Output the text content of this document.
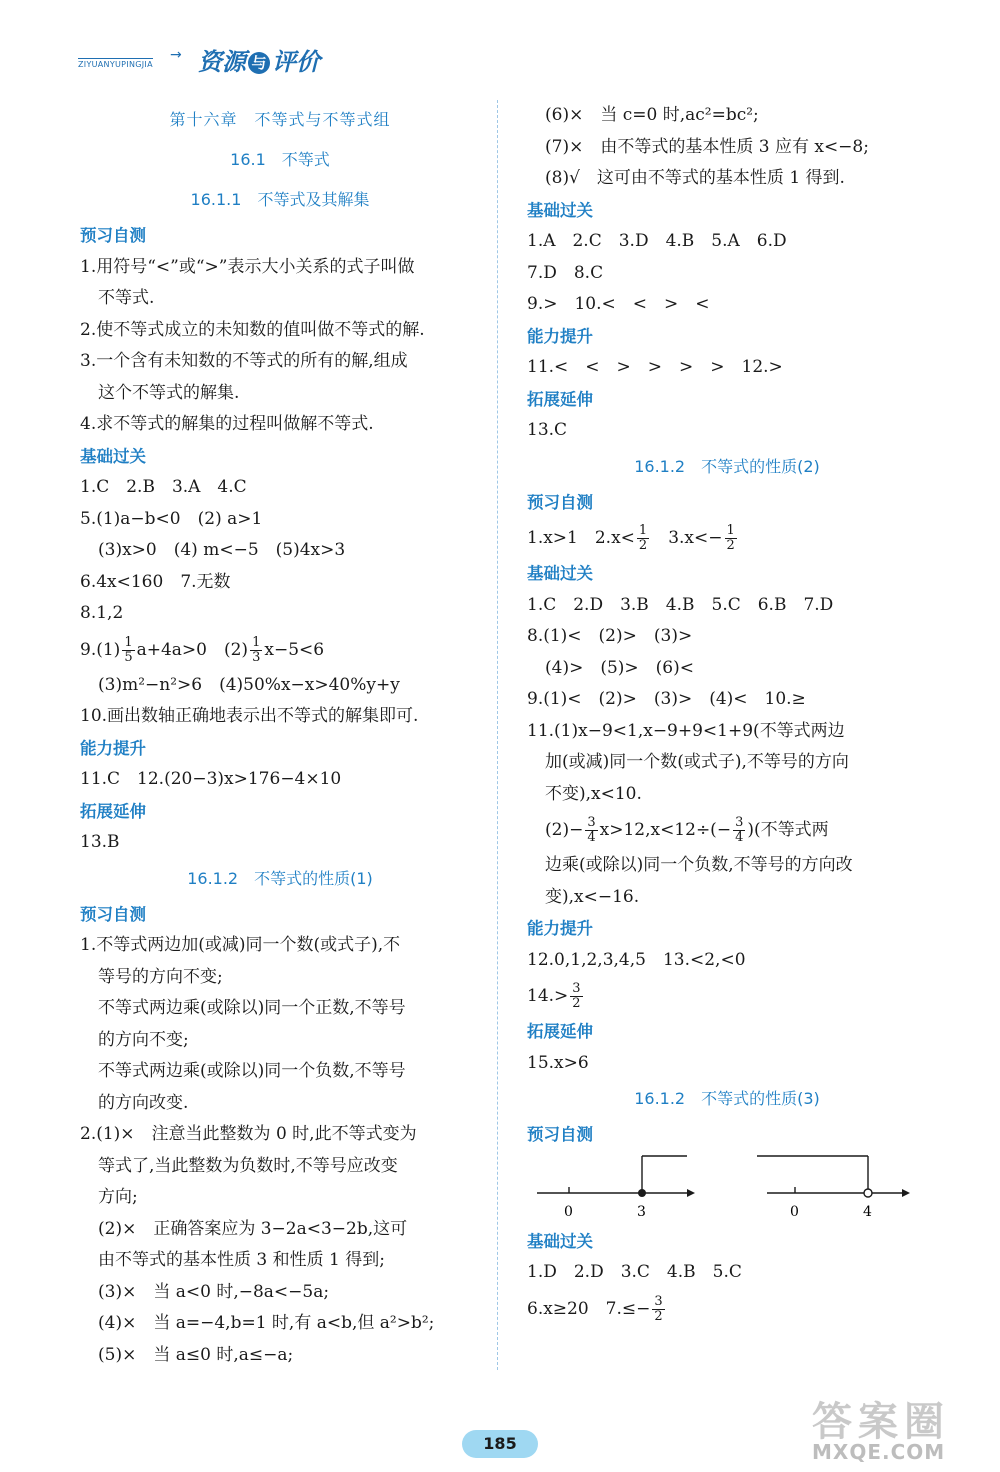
ZIYUANYUPINGJIA
→ 资源 与 评价
第十六章　不等式与不等式组
16.1　不等式
16.1.1　不等式及其解集
预习自测
1.用符号“<”或“>”表示大小关系的式子叫做
不等式.
2.使不等式成立的未知数的值叫做不等式的解.
3.一个含有未知数的不等式的所有的解,组成
这个不等式的解集.
4.求不等式的解集的过程叫做解不等式.
基础过关
1.C　2.B　3.A　4.C
5.(1)a−b<0　(2) a>1
(3)x>0　(4) m<−5　(5)4x>3
6.4x<160　7.无数
8.1,2
$9.(1) \frac{1}{5} a+4a>0$　$(2) \frac{1}{3} x-5<6$
(3)m²−n²>6　(4)50%x−x>40%y+y
10.画出数轴正确地表示出不等式的解集即可.
能力提升
11.C　12.(20−3)x>176−4×10
拓展延伸
13.B
16.1.2　不等式的性质(1)
预习自测
1.不等式两边加(或减)同一个数(或式子),不
等号的方向不变;
不等式两边乘(或除以)同一个正数,不等号
的方向不变;
不等式两边乘(或除以)同一个负数,不等号
的方向改变.
2.(1)×　注意当此整数为 0 时,此不等式变为
等式了,当此整数为负数时,不等号应改变
方向;
(2)×　正确答案应为 3−2a<3−2b,这可
由不等式的基本性质 3 和性质 1 得到;
(3)×　当 a<0 时,−8a<−5a;
(4)×　当 a=−4,b=1 时,有 a<b,但 a²>b²;
(5)×　当 a≤0 时,a≤−a;
(6)×　当 c=0 时,ac²=bc²;
(7)×　由不等式的基本性质 3 应有 x<−8;
(8)√　这可由不等式的基本性质 1 得到.
基础过关
1.A　2.C　3.D　4.B　5.A　6.D
7.D　8.C
9.>　10.<　<　>　<
能力提升
11.<　<　>　>　>　>　12.>
拓展延伸
13.C
16.1.2　不等式的性质(2)
预习自测
1.x>1　$2.x< \frac{1}{2}$ 　$3.x<- \frac{1}{2}$
基础过关
1.C　2.D　3.B　4.B　5.C　6.B　7.D
8.(1)<　(2)>　(3)>
(4)>　(5)>　(6)<
9.(1)<　(2)>　(3)>　(4)<　10.≥
11.(1)x−9<1,x−9+9<1+9(不等式两边
加(或减)同一个数(或式子),不等号的方向
不变),x<10.
$(2)- \frac{3}{4} x>12,x<12\div(- \frac{3}{4}$ )(不等式两
边乘(或除以)同一个负数,不等号的方向改
变),x<−16.
能力提升
12.0,1,2,3,4,5　13.<2,<0
$14.> \frac{3}{2}$
拓展延伸
15.x>6
16.1.2　不等式的性质(3)
预习自测
0	3	0	4
基础过关
1.D　2.D　3.C　4.B　5.C
6.x≥20　$7.\le- \frac{3}{2}$
185	答案圈
MXQE.COM
